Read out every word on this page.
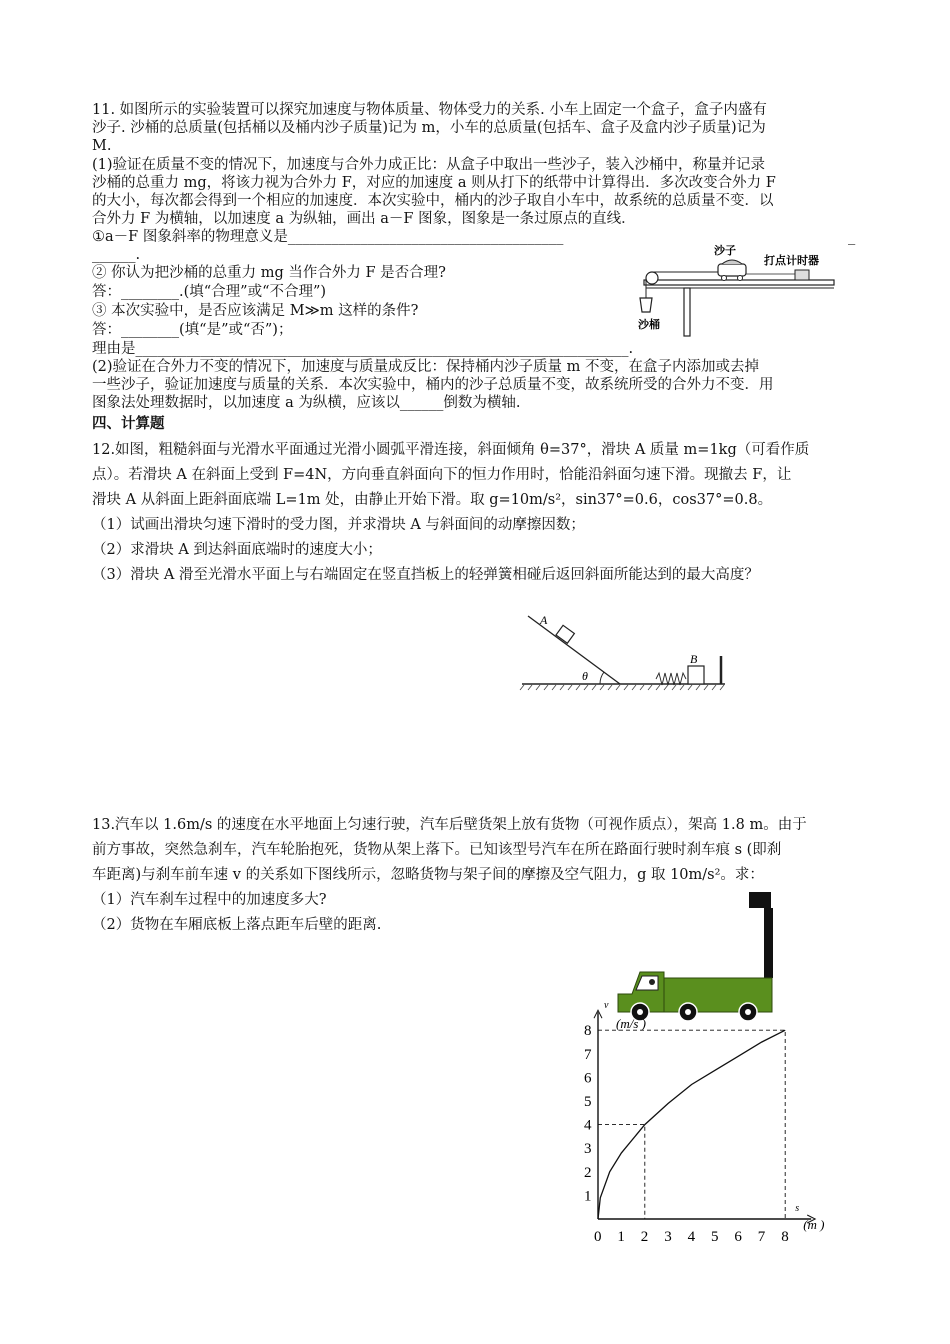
11. 如图所示的实验装置可以探究加速度与物体质量、物体受力的关系. 小车上固定一个盒子，盒子内盛有
沙子. 沙桶的总质量(包括桶以及桶内沙子质量)记为 m，小车的总质量(包括车、盒子及盒内沙子质量)记为
M.
(1)验证在质量不变的情况下，加速度与合外力成正比：从盒子中取出一些沙子，装入沙桶中，称量并记录
沙桶的总重力 mg，将该力视为合外力 F，对应的加速度 a 则从打下的纸带中计算得出．多次改变合外力 F
的大小，每次都会得到一个相应的加速度．本次实验中，桶内的沙子取自小车中，故系统的总质量不变．以
合外力 F 为横轴，以加速度 a 为纵轴，画出 a－F 图象，图象是一条过原点的直线．
①a－F 图象斜率的物理意义是______________________________________	_
______.
② 你认为把沙桶的总重力 mg 当作合外力 F 是否合理?
答：________.(填“合理”或“不合理”)
③ 本次实验中，是否应该满足 M≫m 这样的条件?
答：________(填“是”或“否”)；
理由是____________________________________________________________________.
(2)验证在合外力不变的情况下，加速度与质量成反比：保持桶内沙子质量 m 不变，在盒子内添加或去掉
一些沙子，验证加速度与质量的关系．本次实验中，桶内的沙子总质量不变，故系统所受的合外力不变．用
图象法处理数据时，以加速度 a 为纵横，应该以______倒数为横轴.
沙子
打点计时器
沙桶
四、计算题
12.如图，粗糙斜面与光滑水平面通过光滑小圆弧平滑连接，斜面倾角 θ=37°，滑块 A 质量 m=1kg（可看作质
点）。若滑块 A 在斜面上受到 F=4N，方向垂直斜面向下的恒力作用时，恰能沿斜面匀速下滑。现撤去 F，让
滑块 A 从斜面上距斜面底端 L=1m 处，由静止开始下滑。取 g=10m/s²，sin37°=0.6，cos37°=0.8。
（1）试画出滑块匀速下滑时的受力图，并求滑块 A 与斜面间的动摩擦因数；
（2）求滑块 A 到达斜面底端时的速度大小；
（3）滑块 A 滑至光滑水平面上与右端固定在竖直挡板上的轻弹簧相碰后返回斜面所能达到的最大高度？
θ
A
B
13.汽车以 1.6m/s 的速度在水平地面上匀速行驶，汽车后壁货架上放有货物（可视作质点），架高 1.8 m。由于
前方事故，突然急刹车，汽车轮胎抱死，货物从架上落下。已知该型号汽车在所在路面行驶时刹车痕 s (即刹
车距离)与刹车前车速 v 的关系如下图线所示，忽略货物与架子间的摩擦及空气阻力，g 取 10m/s²。求：
（1）汽车刹车过程中的加速度多大?
（2）货物在车厢底板上落点距车后壁的距离.
0 1 2 3 4 5 6 7 8
1
2
3
4
5
6
7
8
v
(m/s )
s
(m )
